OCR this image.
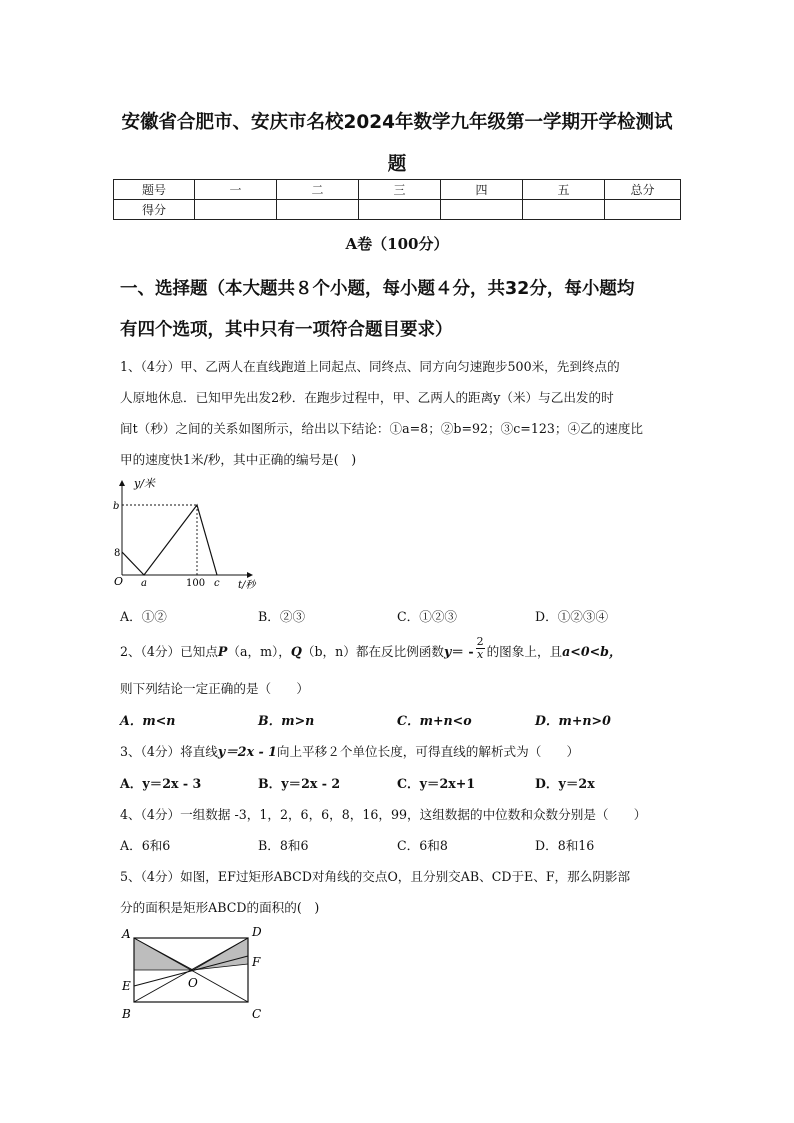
安徽省合肥市、安庆市名校2024年数学九年级第一学期开学检测试
题
题号	一	二	三	四	五	总分
得分						
A卷（100分）
一、选择题（本大题共８个小题，每小题４分，共32分，每小题均
有四个选项，其中只有一项符合题目要求）
1、（4分）甲、乙两人在直线跑道上同起点、同终点、同方向匀速跑步500米，先到终点的
人原地休息．已知甲先出发2秒．在跑步过程中，甲、乙两人的距离y（米）与乙出发的时
间t（秒）之间的关系如图所示，给出以下结论：①a=8；②b=92；③c=123；④乙的速度比
甲的速度快1米/秒，其中正确的编号是(　)
y/米
b
8
O a	100 c t/秒
A．①②	B．②③	C．①②③	D．①②③④
2、（4分）已知点P（a，m），Q（b，n）都在反比例函数$y= - \frac{2}{x}$ 的图象上，且a<0<b，
则下列结论一定正确的是（　　）
A．m<n	B．m>n	C．m+n<o	D．m+n>0
3、（4分）将直线y＝2x - 1向上平移２个单位长度，可得直线的解析式为（　　）
A．y＝2x - 3	B．y＝2x - 2	C．y＝2x+1	D．y＝2x
4、（4分）一组数据 -3，1，2，6，6，8，16，99，这组数据的中位数和众数分别是（　　）
A．6和6	B．8和6	C．6和8	D．8和16
5、（4分）如图，EF过矩形ABCD对角线的交点O，且分别交AB、CD于E、F，那么阴影部
分的面积是矩形ABCD的面积的(　)
A
B	C
D
E
F
O
